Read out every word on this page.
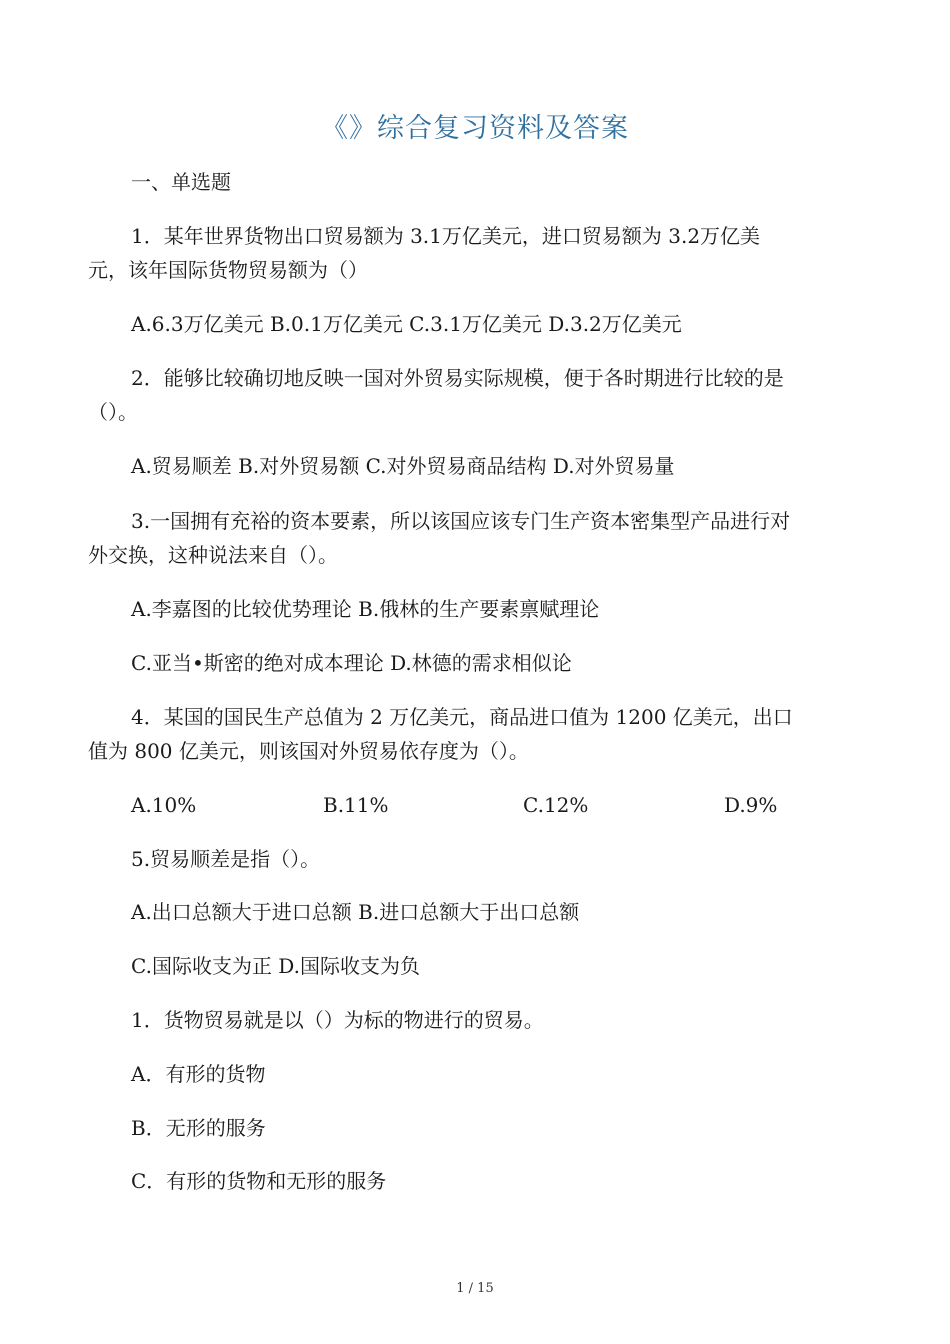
《》综合复习资料及答案
一、单选题
1．某年世界货物出口贸易额为 3.1万亿美元，进口贸易额为 3.2万亿美
元，该年国际货物贸易额为（）
A.6.3万亿美元 B.0.1万亿美元 C.3.1万亿美元 D.3.2万亿美元
2．能够比较确切地反映一国对外贸易实际规模，便于各时期进行比较的是
（）。
A.贸易顺差 B.对外贸易额 C.对外贸易商品结构 D.对外贸易量
3.一国拥有充裕的资本要素，所以该国应该专门生产资本密集型产品进行对
外交换，这种说法来自（）。
A.李嘉图的比较优势理论 B.俄林的生产要素禀赋理论
C.亚当•斯密的绝对成本理论 D.林德的需求相似论
4．某国的国民生产总值为 2 万亿美元，商品进口值为 1200 亿美元，出口
值为 800 亿美元，则该国对外贸易依存度为（）。
A.10%	B.11%	C.12%	D.9%
5.贸易顺差是指（）。
A.出口总额大于进口总额 B.进口总额大于出口总额
C.国际收支为正 D.国际收支为负
1．货物贸易就是以（）为标的物进行的贸易。
A．有形的货物
B．无形的服务
C．有形的货物和无形的服务
1 / 15
